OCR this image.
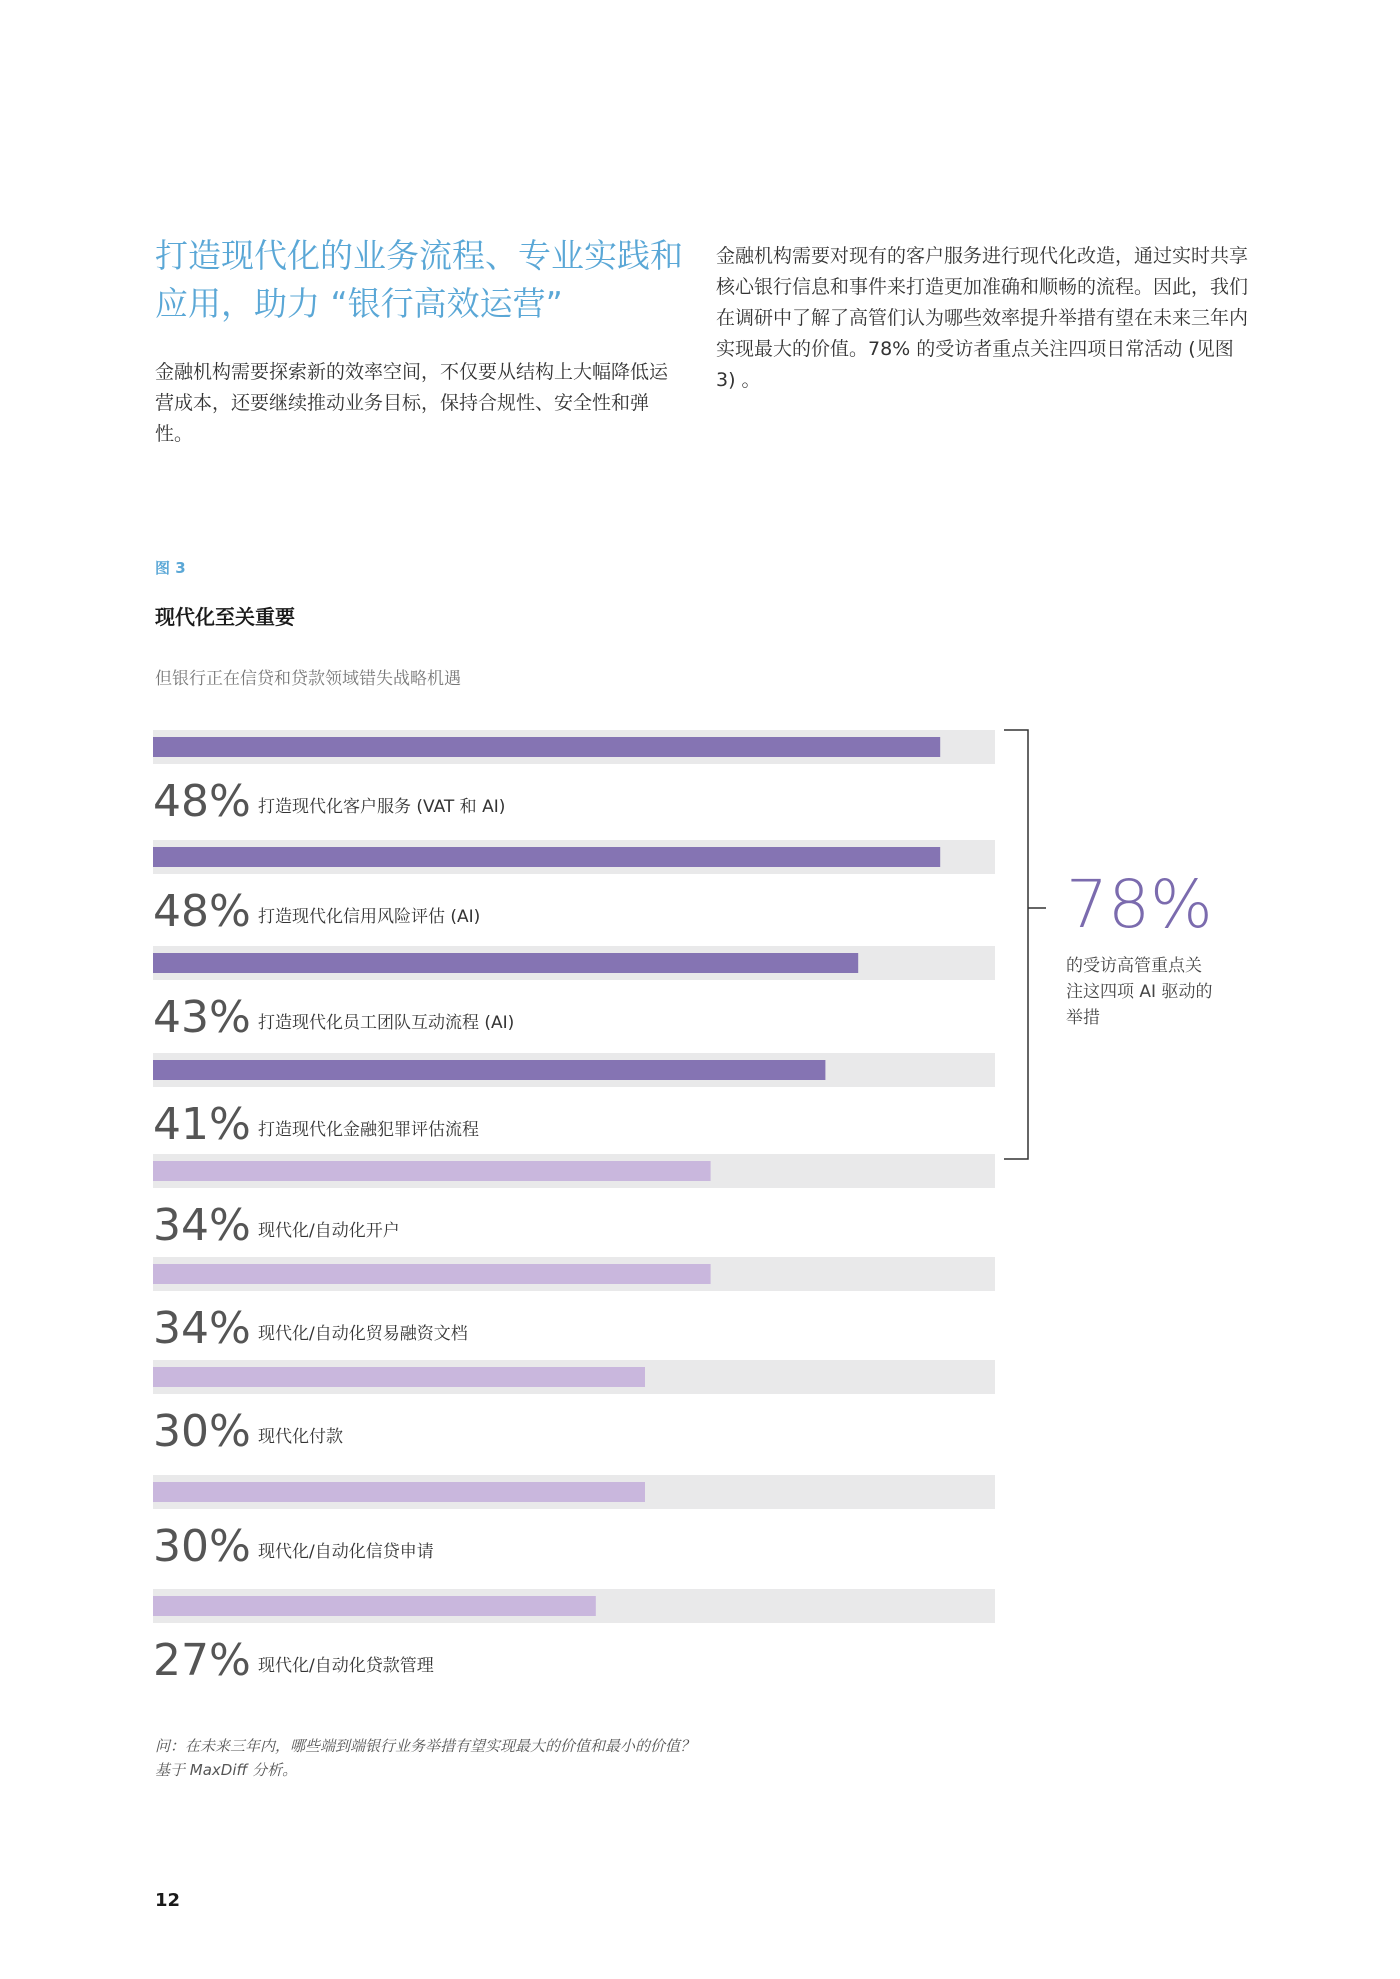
打造现代化的业务流程、专业实践和应用，助力 “银行高效运营”

金融机构需要探索新的效率空间，不仅要从结构上大幅降低运营成本，还要继续推动业务目标，保持合规性、安全性和弹性。

金融机构需要对现有的客户服务进行现代化改造，通过实时共享核心银行信息和事件来打造更加准确和顺畅的流程。因此，我们在调研中了解了高管们认为哪些效率提升举措有望在未来三年内实现最大的价值。78% 的受访者重点关注四项日常活动 (见图 3) 。

图 3
现代化至关重要
但银行正在信贷和贷款领域错失战略机遇
48% 打造现代化客户服务 (VAT 和 AI)
48% 打造现代化信用风险评估 (AI)
43% 打造现代化员工团队互动流程 (AI)
41% 打造现代化金融犯罪评估流程
34% 现代化/自动化开户
34% 现代化/自动化贸易融资文档
30% 现代化付款
30% 现代化/自动化信贷申请
27% 现代化/自动化贷款管理
78%
的受访高管重点关注这四项 AI 驱动的举措

问：在未来三年内，哪些端到端银行业务举措有望实现最大的价值和最小的价值？

基于 MaxDiff 分析。

12
